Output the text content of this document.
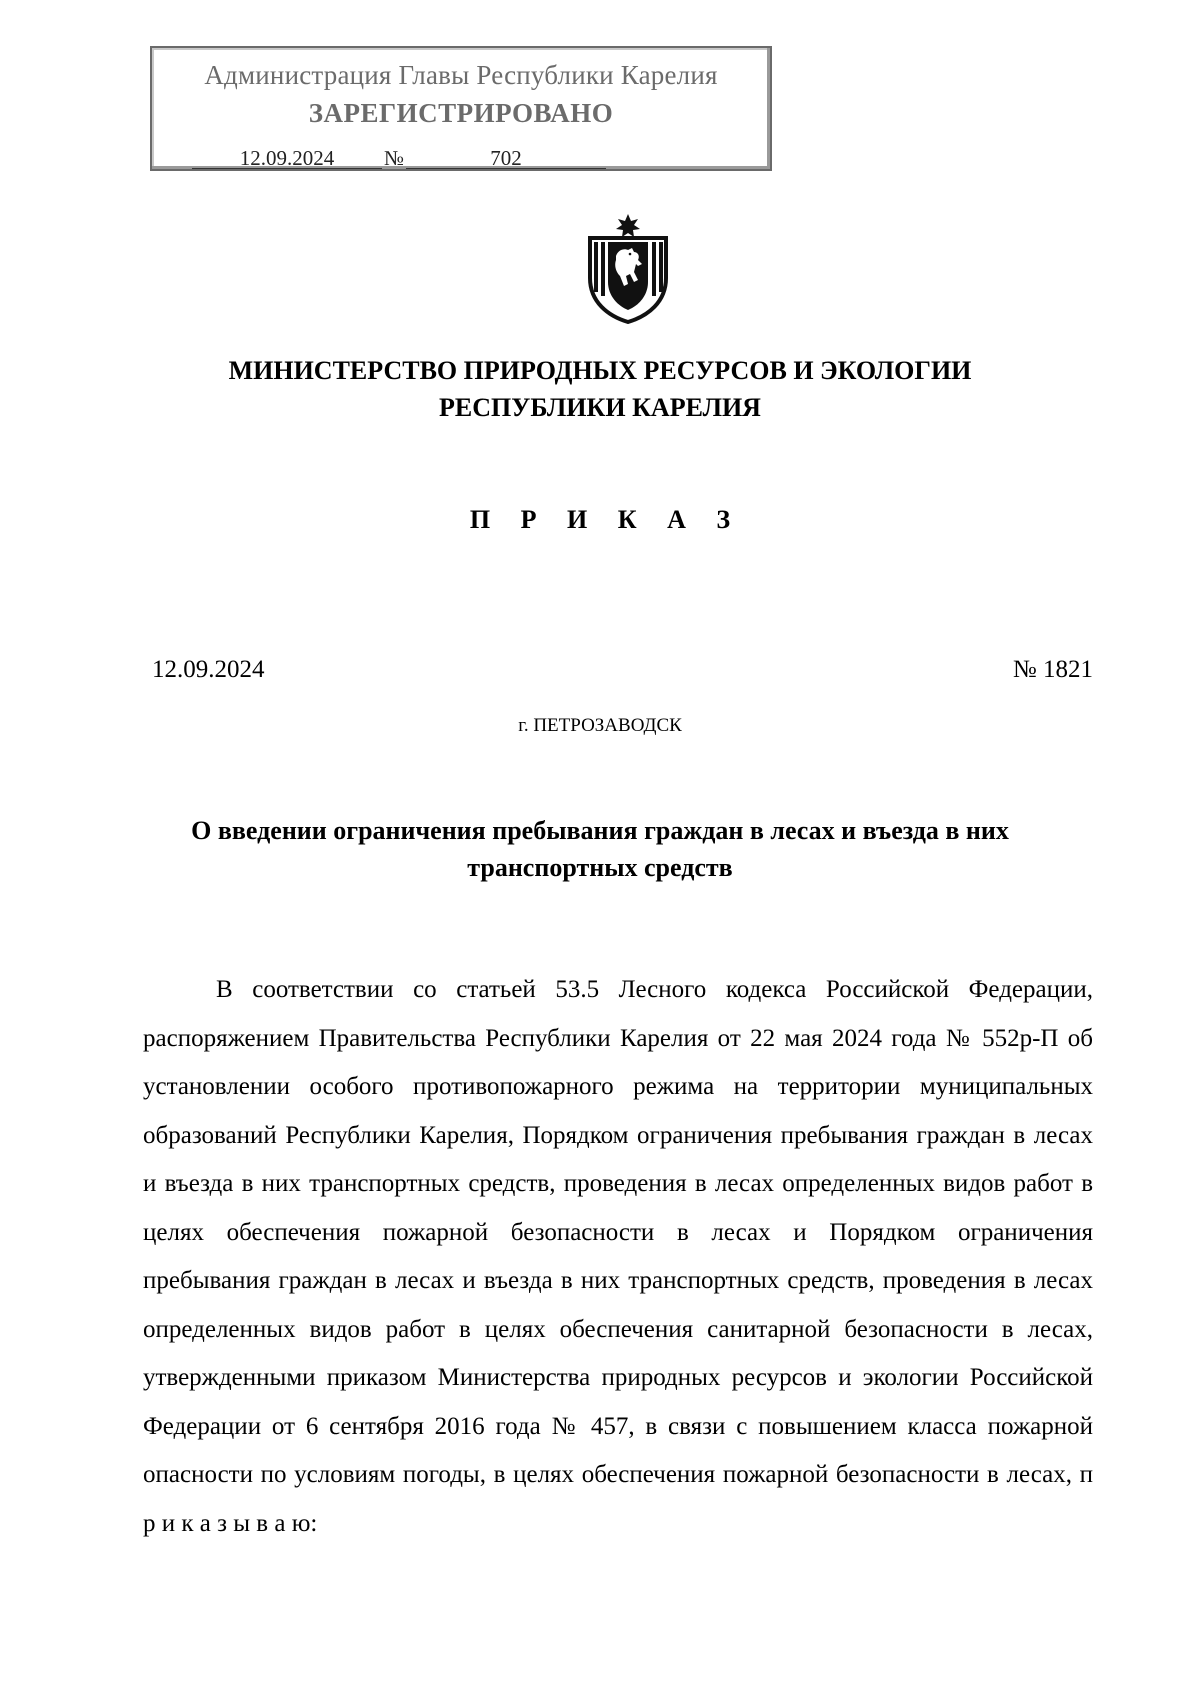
Администрация Главы Республики Карелия
ЗАРЕГИСТРИРОВАНО
12.09.2024 №	702
МИНИСТЕРСТВО ПРИРОДНЫХ РЕСУРСОВ И ЭКОЛОГИИ
РЕСПУБЛИКИ КАРЕЛИЯ
П Р И К А З
12.09.2024	№ 1821
г. ПЕТРОЗАВОДСК
О введении ограничения пребывания граждан в лесах и въезда в них
транспортных средств

В соответствии со статьей 53.5 Лесного кодекса Российской Федерации, распоряжением Правительства Республики Карелия от 22 мая 2024 года № 552р-П об установлении особого противопожарного режима на территории муниципальных образований Республики Карелия, Порядком ограничения пребывания граждан в лесах и въезда в них транспортных средств, проведения в лесах определенных видов работ в целях обеспечения пожарной безопасности в лесах и Порядком ограничения пребывания граждан в лесах и въезда в них транспортных средств, проведения в лесах определенных видов работ в целях обеспечения санитарной безопасности в лесах, утвержденными приказом Министерства природных ресурсов и экологии Российской Федерации от 6 сентября 2016 года № 457, в связи с повышением класса пожарной опасности по условиям погоды, в целях обеспечения пожарной безопасности в лесах, п р и к а з ы в а ю:
